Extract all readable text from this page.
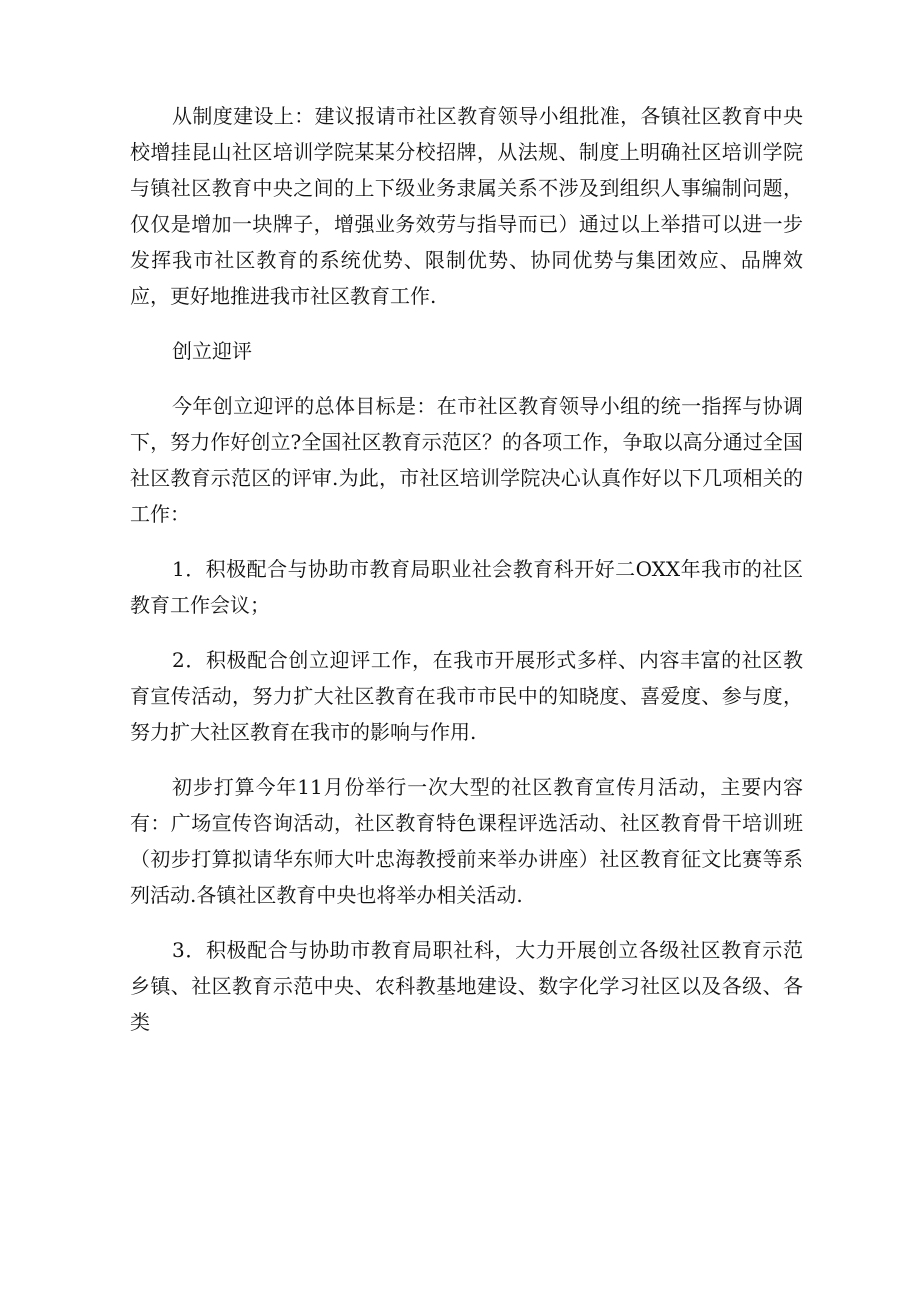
从制度建设上：建议报请市社区教育领导小组批准，各镇社区教育中央校增挂昆山社区培训学院某某分校招牌，从法规、制度上明确社区培训学院与镇社区教育中央之间的上下级业务隶属关系不涉及到组织人事编制问题，仅仅是增加一块牌子，增强业务效劳与指导而已）通过以上举措可以进一步发挥我市社区教育的系统优势、限制优势、协同优势与集团效应、品牌效应，更好地推进我市社区教育工作.

创立迎评

今年创立迎评的总体目标是：在市社区教育领导小组的统一指挥与协调下，努力作好创立?全国社区教育示范区？的各项工作，争取以高分通过全国社区教育示范区的评审.为此，市社区培训学院决心认真作好以下几项相关的工作：

1．积极配合与协助市教育局职业社会教育科开好二OXX年我市的社区教育工作会议；

2．积极配合创立迎评工作，在我市开展形式多样、内容丰富的社区教育宣传活动，努力扩大社区教育在我市市民中的知晓度、喜爱度、参与度，努力扩大社区教育在我市的影响与作用.

初步打算今年11月份举行一次大型的社区教育宣传月活动，主要内容有：广场宣传咨询活动，社区教育特色课程评选活动、社区教育骨干培训班（初步打算拟请华东师大叶忠海教授前来举办讲座）社区教育征文比赛等系列活动.各镇社区教育中央也将举办相关活动.

3．积极配合与协助市教育局职社科，大力开展创立各级社区教育示范乡镇、社区教育示范中央、农科教基地建设、数字化学习社区以及各级、各类
